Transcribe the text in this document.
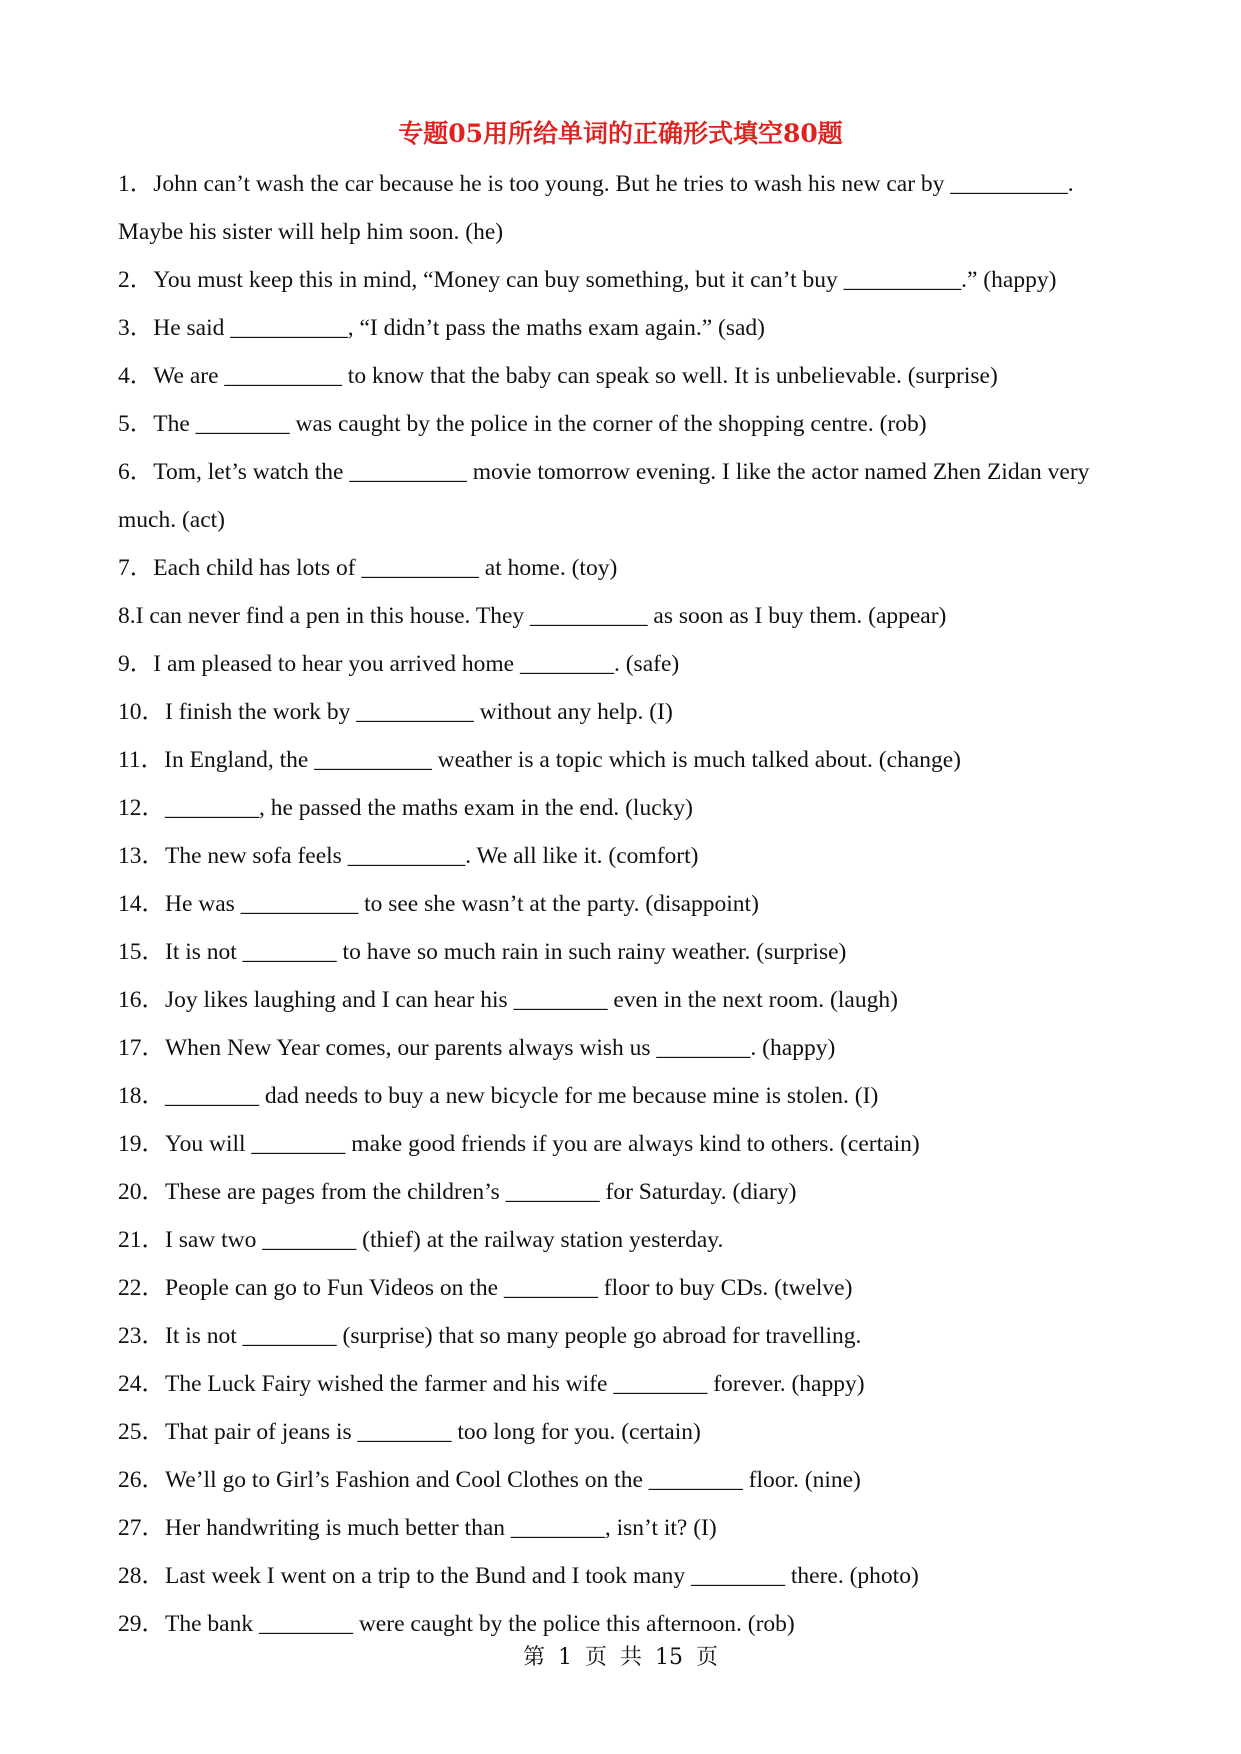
专题05用所给单词的正确形式填空80题
1．John can’t wash the car because he is too young. But he tries to wash his new car by __________. Maybe his sister will help him soon. (he)
2．You must keep this in mind, “Money can buy something, but it can’t buy __________.” (happy)
3．He said __________, “I didn’t pass the maths exam again.” (sad)
4．We are __________ to know that the baby can speak so well. It is unbelievable. (surprise)
5．The ________ was caught by the police in the corner of the shopping centre. (rob)
6．Tom, let’s watch the __________ movie tomorrow evening. I like the actor named Zhen Zidan very much. (act)
7．Each child has lots of __________ at home. (toy)
8.I can never find a pen in this house. They __________ as soon as I buy them. (appear)
9．I am pleased to hear you arrived home ________. (safe)
10．I finish the work by __________ without any help. (I)
11．In England, the __________ weather is a topic which is much talked about. (change)
12．________, he passed the maths exam in the end. (lucky)
13．The new sofa feels __________. We all like it. (comfort)
14．He was __________ to see she wasn’t at the party. (disappoint)
15．It is not ________ to have so much rain in such rainy weather. (surprise)
16．Joy likes laughing and I can hear his ________ even in the next room. (laugh)
17．When New Year comes, our parents always wish us ________. (happy)
18．________ dad needs to buy a new bicycle for me because mine is stolen. (I)
19．You will ________ make good friends if you are always kind to others. (certain)
20．These are pages from the children’s ________ for Saturday. (diary)
21．I saw two ________ (thief) at the railway station yesterday.
22．People can go to Fun Videos on the ________ floor to buy CDs. (twelve)
23．It is not ________ (surprise) that so many people go abroad for travelling.
24．The Luck Fairy wished the farmer and his wife ________ forever. (happy)
25．That pair of jeans is ________ too long for you. (certain)
26．We’ll go to Girl’s Fashion and Cool Clothes on the ________ floor. (nine)
27．Her handwriting is much better than ________, isn’t it? (I)
28．Last week I went on a trip to the Bund and I took many ________ there. (photo)
29．The bank ________ were caught by the police this afternoon. (rob)
第 1 页 共 15 页
